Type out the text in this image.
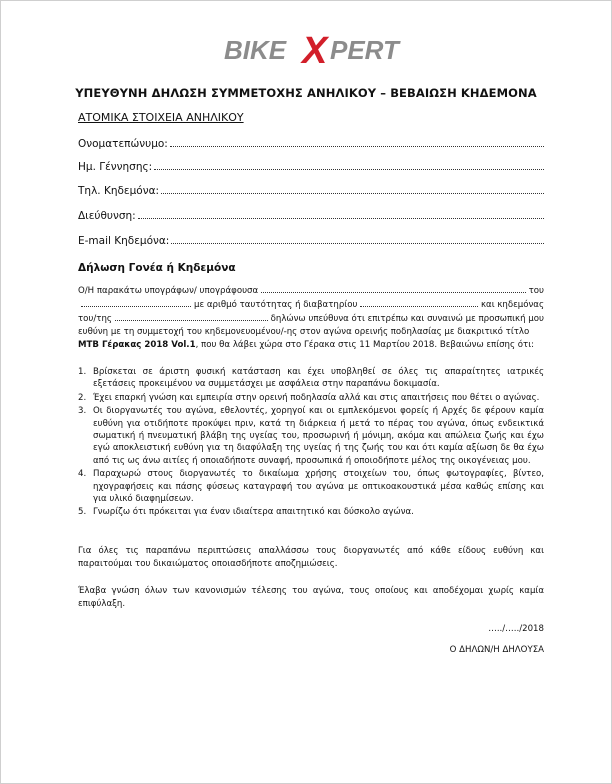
BIKE X PERT
ΥΠΕΥΘΥΝΗ ΔΗΛΩΣΗ ΣΥΜΜΕΤΟΧΗΣ ΑΝΗΛΙΚΟΥ – ΒΕΒΑΙΩΣΗ ΚΗΔΕΜΟΝΑ
ΑΤΟΜΙΚΑ ΣΤΟΙΧΕΙΑ ΑΝΗΛΙΚΟΥ
Ονοματεπώνυμο:
Ημ. Γέννησης:
Τηλ. Κηδεμόνα:
Διεύθυνση:
E-mail Κηδεμόνα:
Δήλωση Γονέα ή Κηδεμόνα
Ο/Η παρακάτω υπογράφων/ υπογράφουσα	του
με αριθμό ταυτότητας ή διαβατηρίου	και κηδεμόνας
του/της	δηλώνω υπεύθυνα ότι επιτρέπω και συναινώ με προσωπική μου
ευθύνη με τη συμμετοχή του κηδεμονευομένου/-ης στον αγώνα ορεινής ποδηλασίας με διακριτικό τίτλο
MTB Γέρακας 2018 Vol.1, που θα λάβει χώρα στο Γέρακα στις 11 Μαρτίου 2018. Βεβαιώνω επίσης ότι:
1. Βρίσκεται σε άριστη φυσική κατάσταση και έχει υποβληθεί σε όλες τις απαραίτητες ιατρικές εξετάσεις προκειμένου να συμμετάσχει με ασφάλεια στην παραπάνω δοκιμασία.
2. Έχει επαρκή γνώση και εμπειρία στην ορεινή ποδηλασία αλλά και στις απαιτήσεις που θέτει ο αγώνας.
3. Οι διοργανωτές του αγώνα, εθελοντές, χορηγοί και οι εμπλεκόμενοι φορείς ή Αρχές δε φέρουν καμία ευθύνη για οτιδήποτε προκύψει πριν, κατά τη διάρκεια ή μετά το πέρας του αγώνα, όπως ενδεικτικά σωματική ή πνευματική βλάβη της υγείας του, προσωρινή ή μόνιμη, ακόμα και απώλεια ζωής και έχω εγώ αποκλειστική ευθύνη για τη διαφύλαξη της υγείας ή της ζωής του και ότι καμία αξίωση δε θα έχω από τις ως άνω αιτίες ή οποιαδήποτε συναφή, προσωπικά ή οποιοδήποτε μέλος της οικογένειας μου.
4. Παραχωρώ στους διοργανωτές το δικαίωμα χρήσης στοιχείων του, όπως φωτογραφίες, βίντεο, ηχογραφήσεις και πάσης φύσεως καταγραφή του αγώνα με οπτικοακουστικά μέσα καθώς επίσης και για υλικό διαφημίσεων.
5. Γνωρίζω ότι πρόκειται για έναν ιδιαίτερα απαιτητικό και δύσκολο αγώνα.
Για όλες τις παραπάνω περιπτώσεις απαλλάσσω τους διοργανωτές από κάθε είδους ευθύνη και παραιτούμαι του δικαιώματος οποιασδήποτε αποζημιώσεις.
Έλαβα γνώση όλων των κανονισμών τέλεσης του αγώνα, τους οποίους και αποδέχομαι χωρίς καμία επιφύλαξη.
…../…../2018
Ο ΔΗΛΩΝ/Η ΔΗΛΟΥΣΑ
